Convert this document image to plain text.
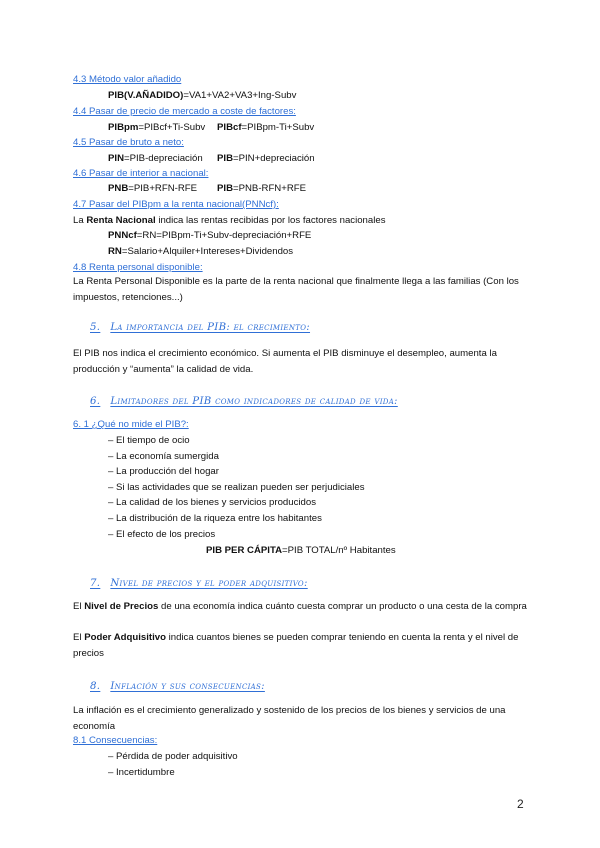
4.3 Método valor añadido
PIB(V.AÑADIDO)=VA1+VA2+VA3+Ing-Subv
4.4 Pasar de precio de mercado a coste de factores:
PIBpm=PIBcf+Ti-Subv PIBcf=PIBpm-Ti+Subv
4.5 Pasar de bruto a neto:
PIN=PIB-depreciación PIB=PIN+depreciación
4.6 Pasar de interior a nacional:
PNB=PIB+RFN-RFE PIB=PNB-RFN+RFE
4.7 Pasar del PIBpm a la renta nacional(PNNcf):
La Renta Nacional indica las rentas recibidas por los factores nacionales
PNNcf=RN=PIBpm-Ti+Subv-depreciación+RFE
RN=Salario+Alquiler+Intereses+Dividendos
4.8 Renta personal disponible:
La Renta Personal Disponible es la parte de la renta nacional que finalmente llega a las familias (Con los impuestos, retenciones...)
5. La importancia del PIB: el crecimiento:
El PIB nos indica el crecimiento económico. Si aumenta el PIB disminuye el desempleo, aumenta la producción y “aumenta” la calidad de vida.
6. Limitadores del PIB como indicadores de calidad de vida:
6. 1 ¿Qué no mide el PIB?:
– El tiempo de ocio
– La economía sumergida
– La producción del hogar
– Si las actividades que se realizan pueden ser perjudiciales
– La calidad de los bienes y servicios producidos
– La distribución de la riqueza entre los habitantes
– El efecto de los precios
PIB PER CÁPITA=PIB TOTAL/nº Habitantes
7. Nivel de precios y el poder adquisitivo:
El Nivel de Precios de una economía indica cuánto cuesta comprar un producto o una cesta de la compra
El Poder Adquisitivo indica cuantos bienes se pueden comprar teniendo en cuenta la renta y el nivel de precios
8. Inflación y sus consecuencias:
La inflación es el crecimiento generalizado y sostenido de los precios de los bienes y servicios de una economía
8.1 Consecuencias:
– Pérdida de poder adquisitivo
– Incertidumbre
2
